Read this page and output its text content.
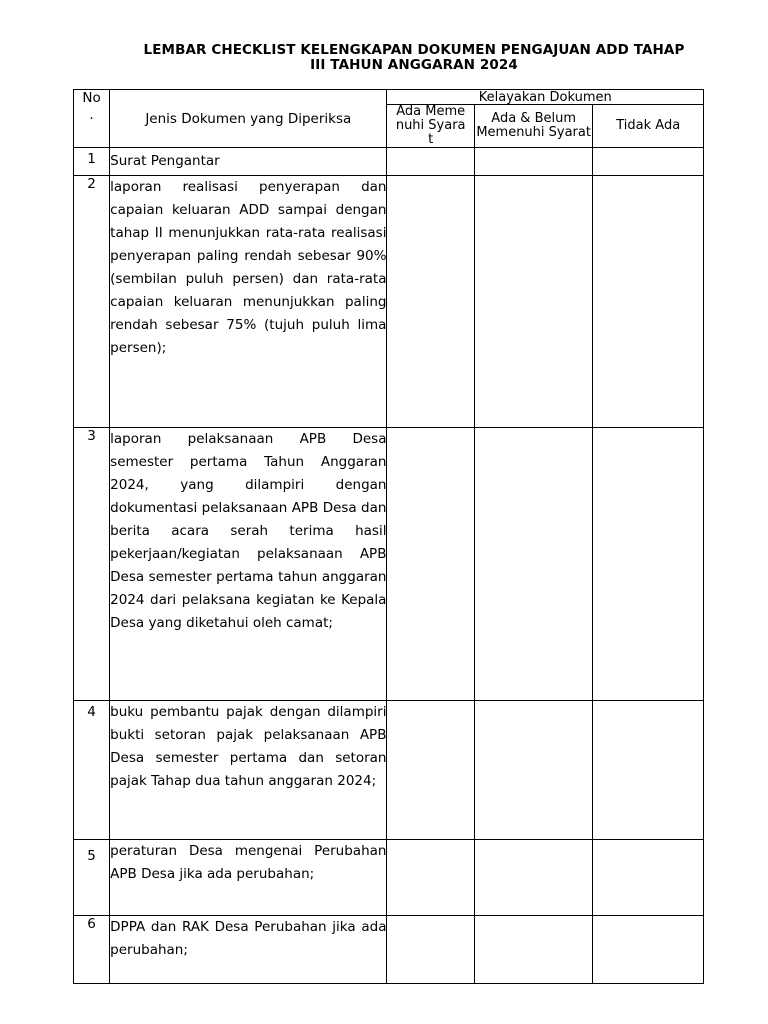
LEMBAR CHECKLIST KELENGKAPAN DOKUMEN PENGAJUAN ADD TAHAP
III TAHUN ANGGARAN 2024
No
.	Jenis Dokumen yang Diperiksa	Kelayakan Dokumen		
		Ada Memenuhi Syarat	Ada & Belum Memenuhi Syarat	Tidak Ada
1	Surat Pengantar			
2	laporan realisasi penyerapan dan capaian keluaran ADD sampai dengan tahap II menunjukkan rata-rata realisasi penyerapan paling rendah sebesar 90% (sembilan puluh persen) dan rata-rata capaian keluaran menunjukkan paling rendah sebesar 75% (tujuh puluh lima persen);			
3	laporan pelaksanaan APB Desa semester pertama Tahun Anggaran 2024, yang dilampiri dengan dokumentasi pelaksanaan APB Desa dan berita acara serah terima hasil pekerjaan/kegiatan pelaksanaan APB Desa semester pertama tahun anggaran 2024 dari pelaksana kegiatan ke Kepala Desa yang diketahui oleh camat;			
4	buku pembantu pajak dengan dilampiri bukti setoran pajak pelaksanaan APB Desa semester pertama dan setoran pajak Tahap dua tahun anggaran 2024;			
5	peraturan Desa mengenai Perubahan APB Desa jika ada perubahan;			
6	DPPA dan RAK Desa Perubahan jika ada perubahan;			
